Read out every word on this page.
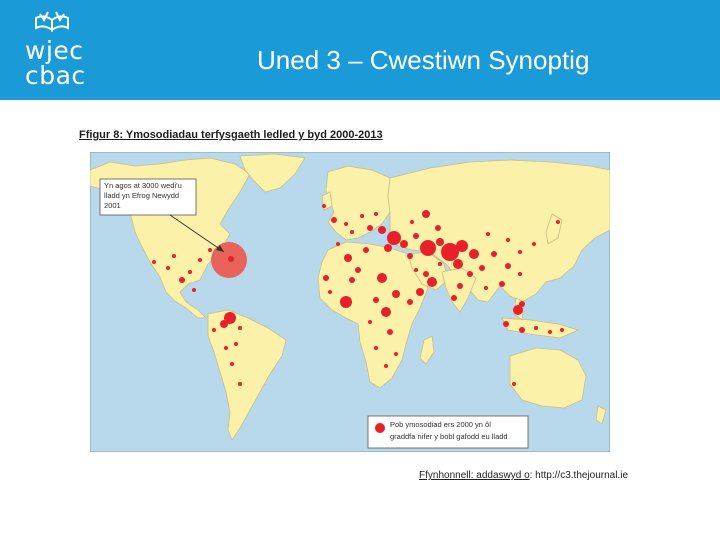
wjec
cbac
Uned 3 – Cwestiwn Synoptig
Ffigur 8: Ymosodiadau terfysgaeth ledled y byd 2000-2013
Yn agos at 3000 wedi'u
lladd yn Efrog Newydd
2001
Pob ymosodiad ers 2000 yn ôl
graddfa nifer y bobl gafodd eu lladd
Ffynhonnell: addaswyd o: http://c3.thejournal.ie
